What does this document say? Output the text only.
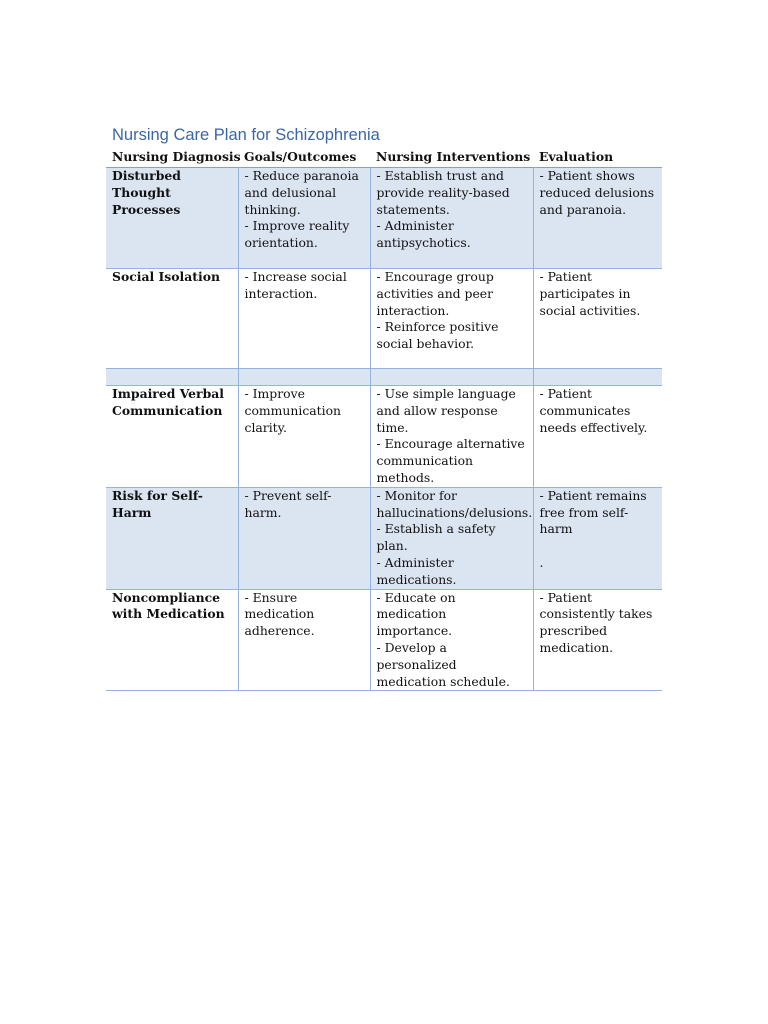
Nursing Care Plan for Schizophrenia
Nursing Diagnosis	Goals/Outcomes	Nursing Interventions	Evaluation

Disturbed
Thought
Processes	- Reduce paranoia
and delusional
thinking.
- Improve reality
orientation.	- Establish trust and
provide reality-based
statements.
- Administer
antipsychotics.	- Patient shows
reduced delusions
and paranoia.

Social Isolation	- Increase social
interaction.	- Encourage group
activities and peer
interaction.
- Reinforce positive
social behavior.	- Patient
participates in
social activities.

Impaired Verbal
Communication	- Improve
communication
clarity.	- Use simple language
and allow response time.
- Encourage alternative
communication methods.	- Patient
communicates
needs effectively.

Risk for Self-Harm	- Prevent self-harm.	- Monitor for
hallucinations/delusions.
- Establish a safety plan.
- Administer
medications.	- Patient remains
free from self-harm
.

Noncompliance
with Medication	- Ensure medication
adherence.	- Educate on medication
importance.
- Develop a personalized
medication schedule.	- Patient
consistently takes
prescribed
medication.
